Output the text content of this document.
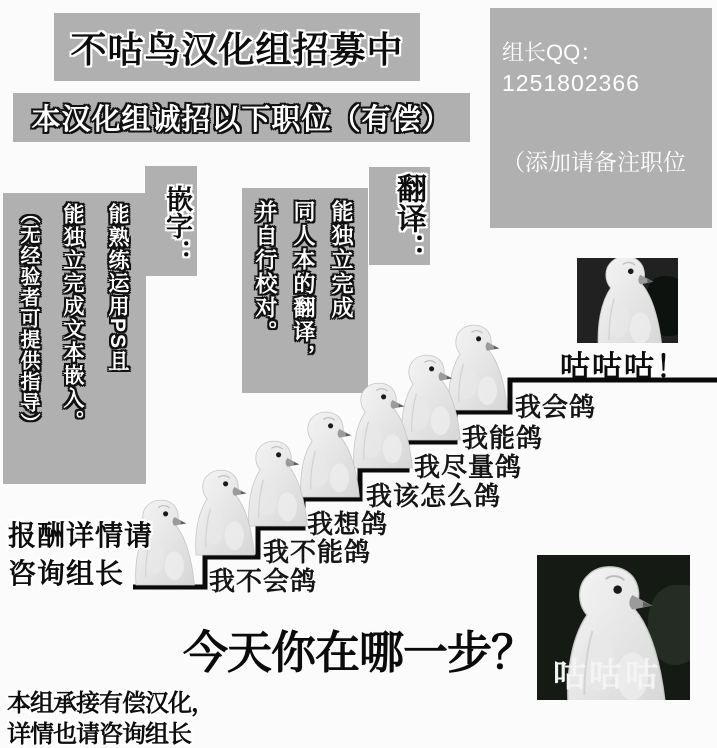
不咕鸟汉化组招募中
本汉化组诚招以下职位（有偿）
组长QQ：
1251802366
（添加请备注职位
嵌字：
能熟练运用PS且
能独立完成文本嵌入。
（无经验者可提供指导）	翻译：
能独立完成
同人本的翻译，
并自行校对。
我会鸽
我能鸽
我尽量鸽
我该怎么鸽
我想鸽
我不能鸽
我不会鸽
咕咕咕！
咕咕咕
今天你在哪一步？
报酬详情请
咨询组长
本组承接有偿汉化，
详情也请咨询组长
